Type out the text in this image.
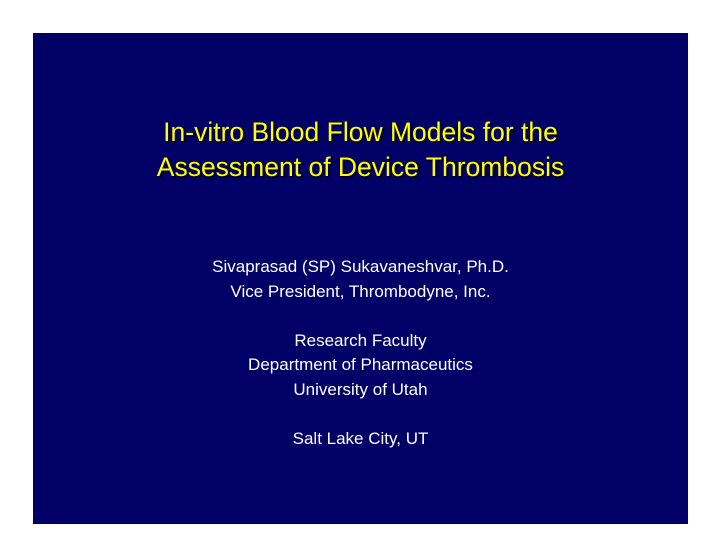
In-vitro Blood Flow Models for the
Assessment of Device Thrombosis
Sivaprasad (SP) Sukavaneshvar, Ph.D.
Vice President, Thrombodyne, Inc.
Research Faculty
Department of Pharmaceutics
University of Utah
Salt Lake City, UT
